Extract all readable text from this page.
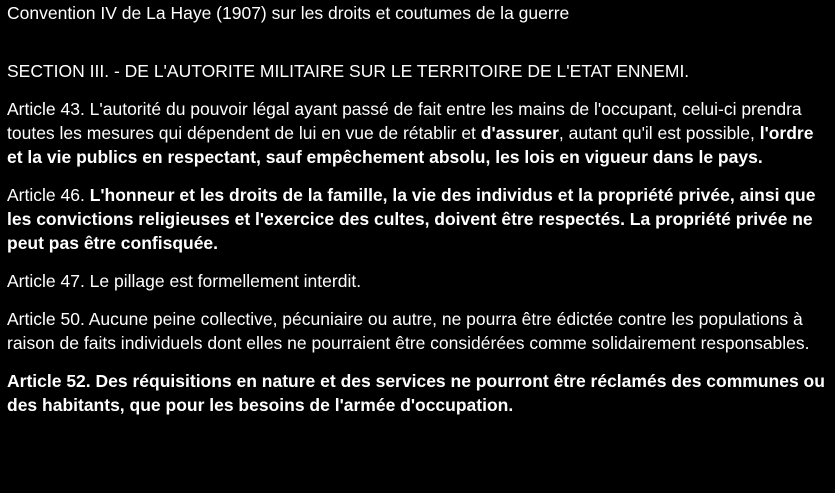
Convention IV de La Haye (1907) sur les droits et coutumes de la guerre
SECTION III. - DE L'AUTORITE MILITAIRE SUR LE TERRITOIRE DE L'ETAT ENNEMI.

Article 43. L'autorité du pouvoir légal ayant passé de fait entre les mains de l'occupant, celui-ci prendra toutes les mesures qui dépendent de lui en vue de rétablir et d'assurer, autant qu'il est possible, l'ordre et la vie publics en respectant, sauf empêchement absolu, les lois en vigueur dans le pays.

Article 46. L'honneur et les droits de la famille, la vie des individus et la propriété privée, ainsi que les convictions religieuses et l'exercice des cultes, doivent être respectés. La propriété privée ne peut pas être confisquée.

Article 47. Le pillage est formellement interdit.

Article 50. Aucune peine collective, pécuniaire ou autre, ne pourra être édictée contre les populations à raison de faits individuels dont elles ne pourraient être considérées comme solidairement responsables.

Article 52. Des réquisitions en nature et des services ne pourront être réclamés des communes ou des habitants, que pour les besoins de l'armée d'occupation.
